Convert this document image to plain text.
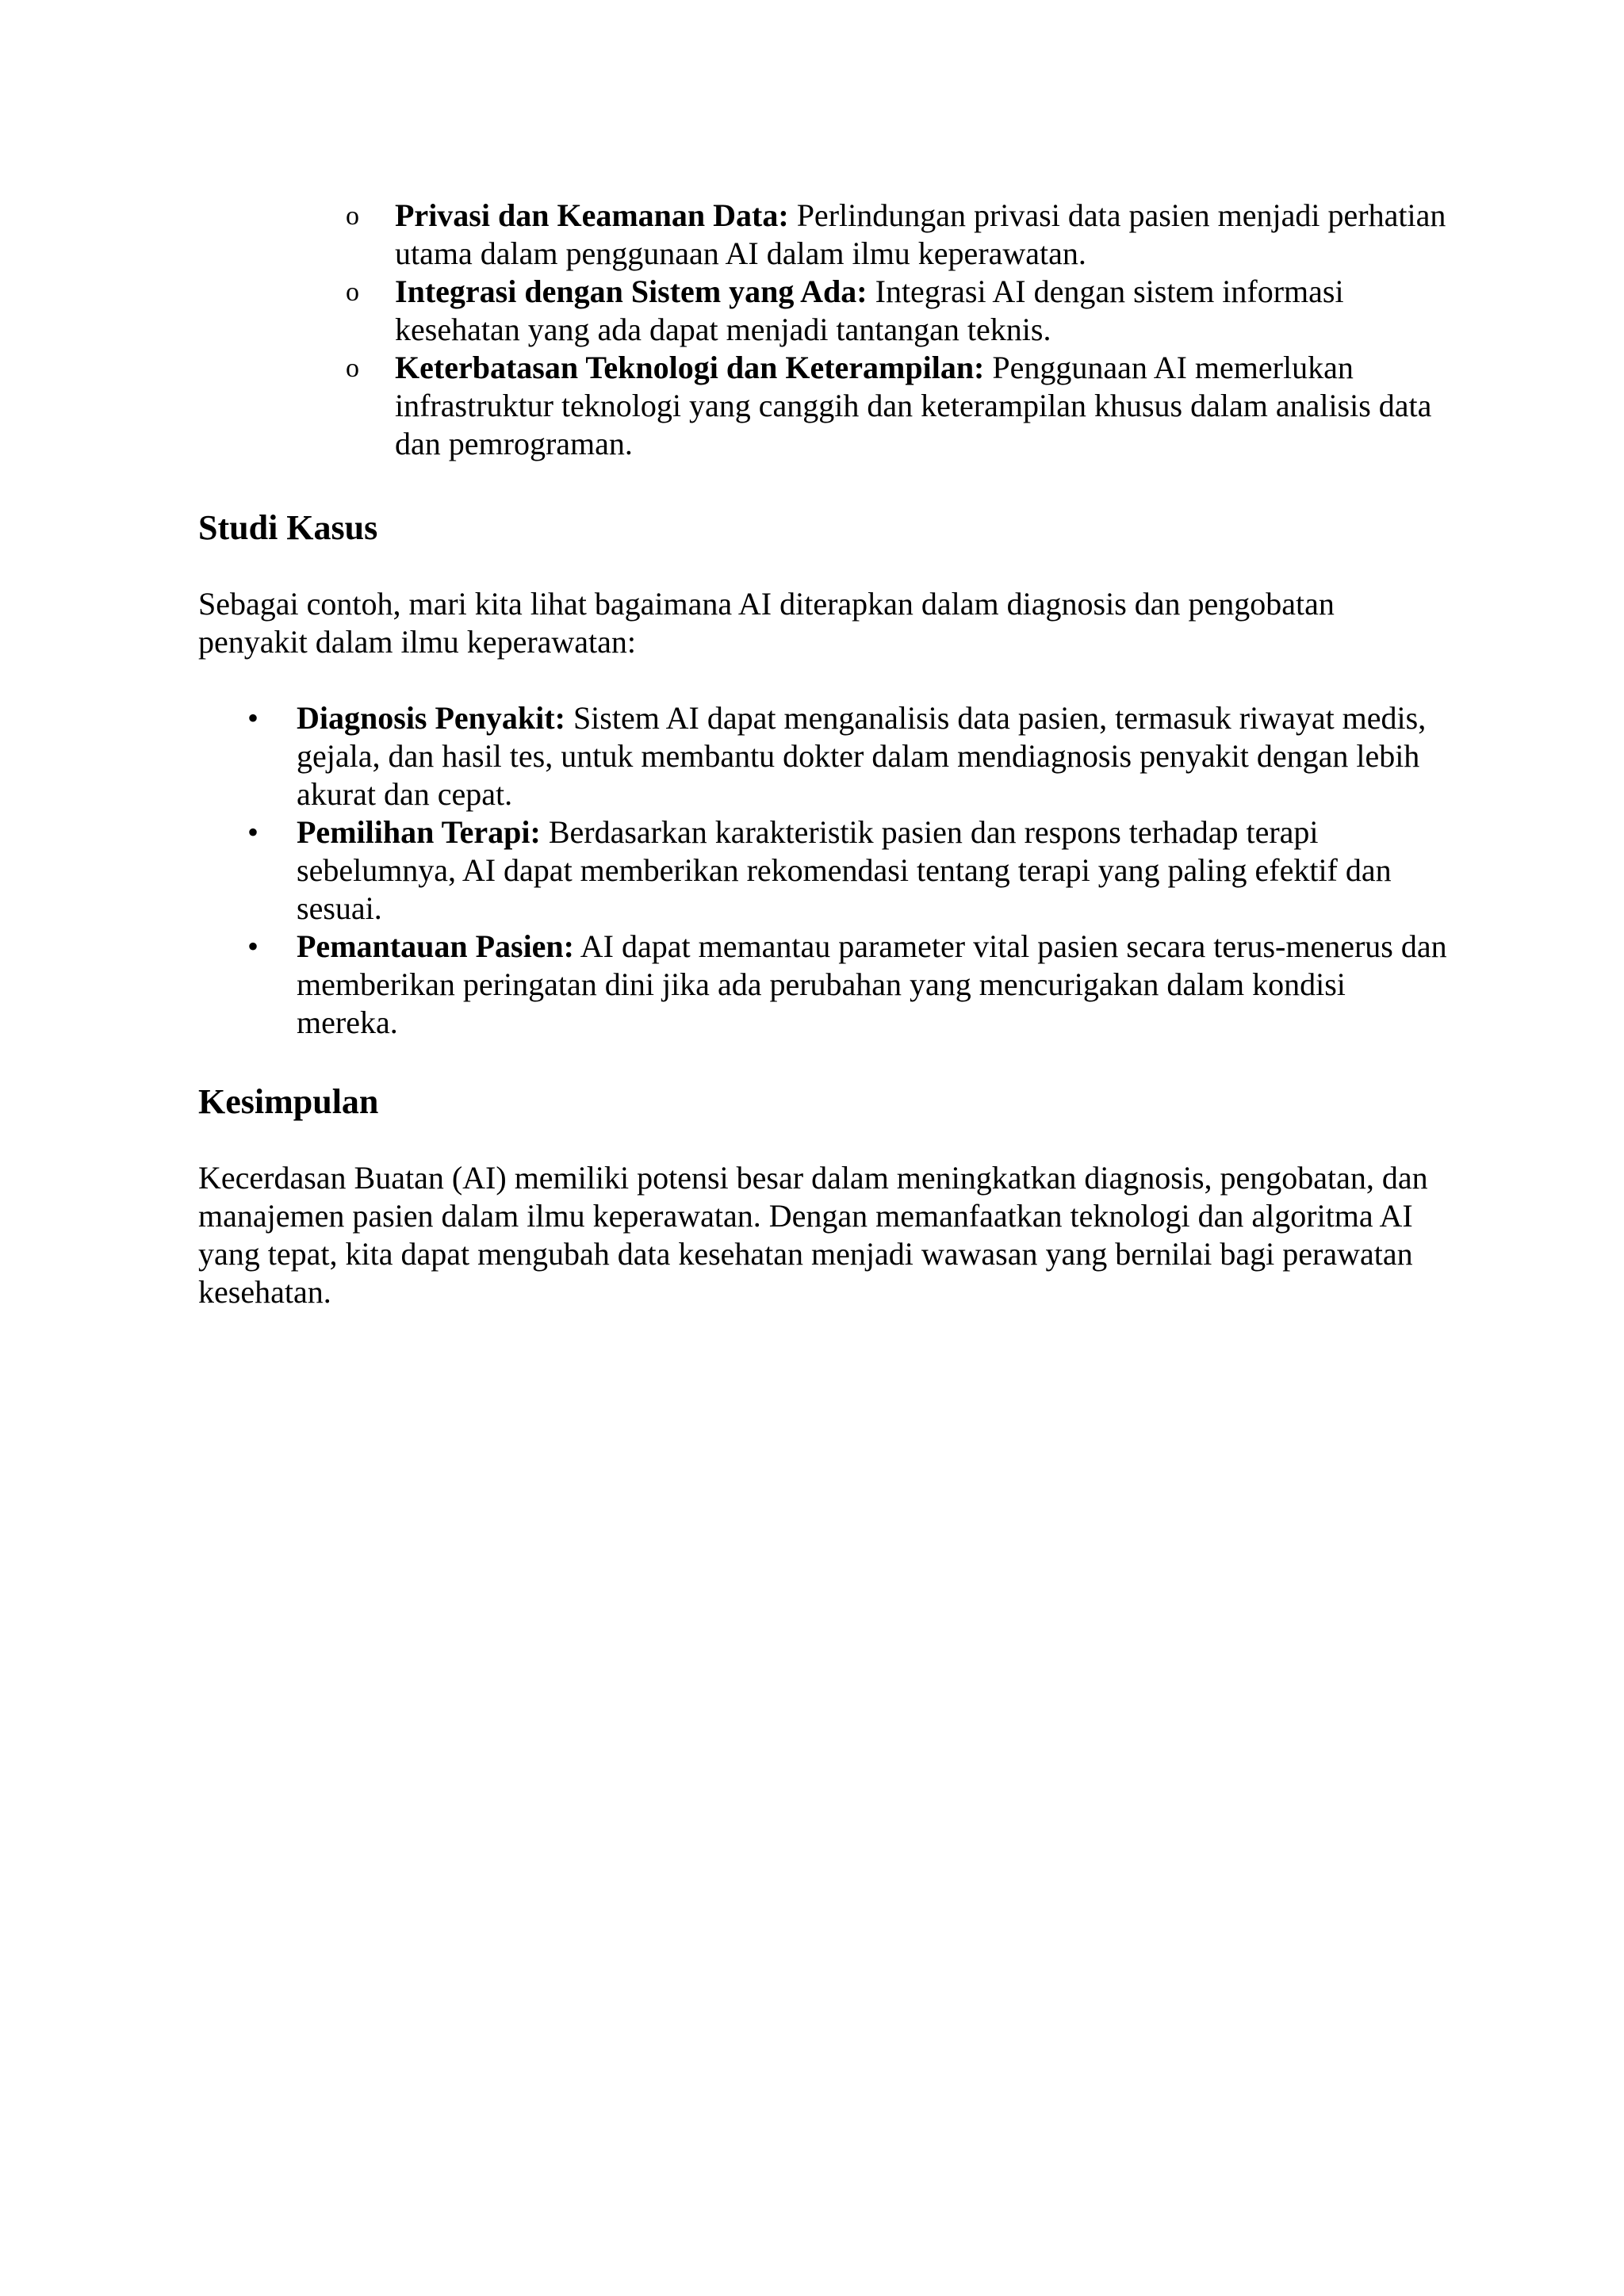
o Privasi dan Keamanan Data: Perlindungan privasi data pasien menjadi perhatian utama dalam penggunaan AI dalam ilmu keperawatan.
o Integrasi dengan Sistem yang Ada: Integrasi AI dengan sistem informasi kesehatan yang ada dapat menjadi tantangan teknis.
o Keterbatasan Teknologi dan Keterampilan: Penggunaan AI memerlukan infrastruktur teknologi yang canggih dan keterampilan khusus dalam analisis data dan pemrograman.
Studi Kasus

Sebagai contoh, mari kita lihat bagaimana AI diterapkan dalam diagnosis dan pengobatan penyakit dalam ilmu keperawatan:

• Diagnosis Penyakit: Sistem AI dapat menganalisis data pasien, termasuk riwayat medis, gejala, dan hasil tes, untuk membantu dokter dalam mendiagnosis penyakit dengan lebih akurat dan cepat.
• Pemilihan Terapi: Berdasarkan karakteristik pasien dan respons terhadap terapi sebelumnya, AI dapat memberikan rekomendasi tentang terapi yang paling efektif dan sesuai.
• Pemantauan Pasien: AI dapat memantau parameter vital pasien secara terus-menerus dan memberikan peringatan dini jika ada perubahan yang mencurigakan dalam kondisi mereka.
Kesimpulan

Kecerdasan Buatan (AI) memiliki potensi besar dalam meningkatkan diagnosis, pengobatan, dan manajemen pasien dalam ilmu keperawatan. Dengan memanfaatkan teknologi dan algoritma AI yang tepat, kita dapat mengubah data kesehatan menjadi wawasan yang bernilai bagi perawatan kesehatan.
